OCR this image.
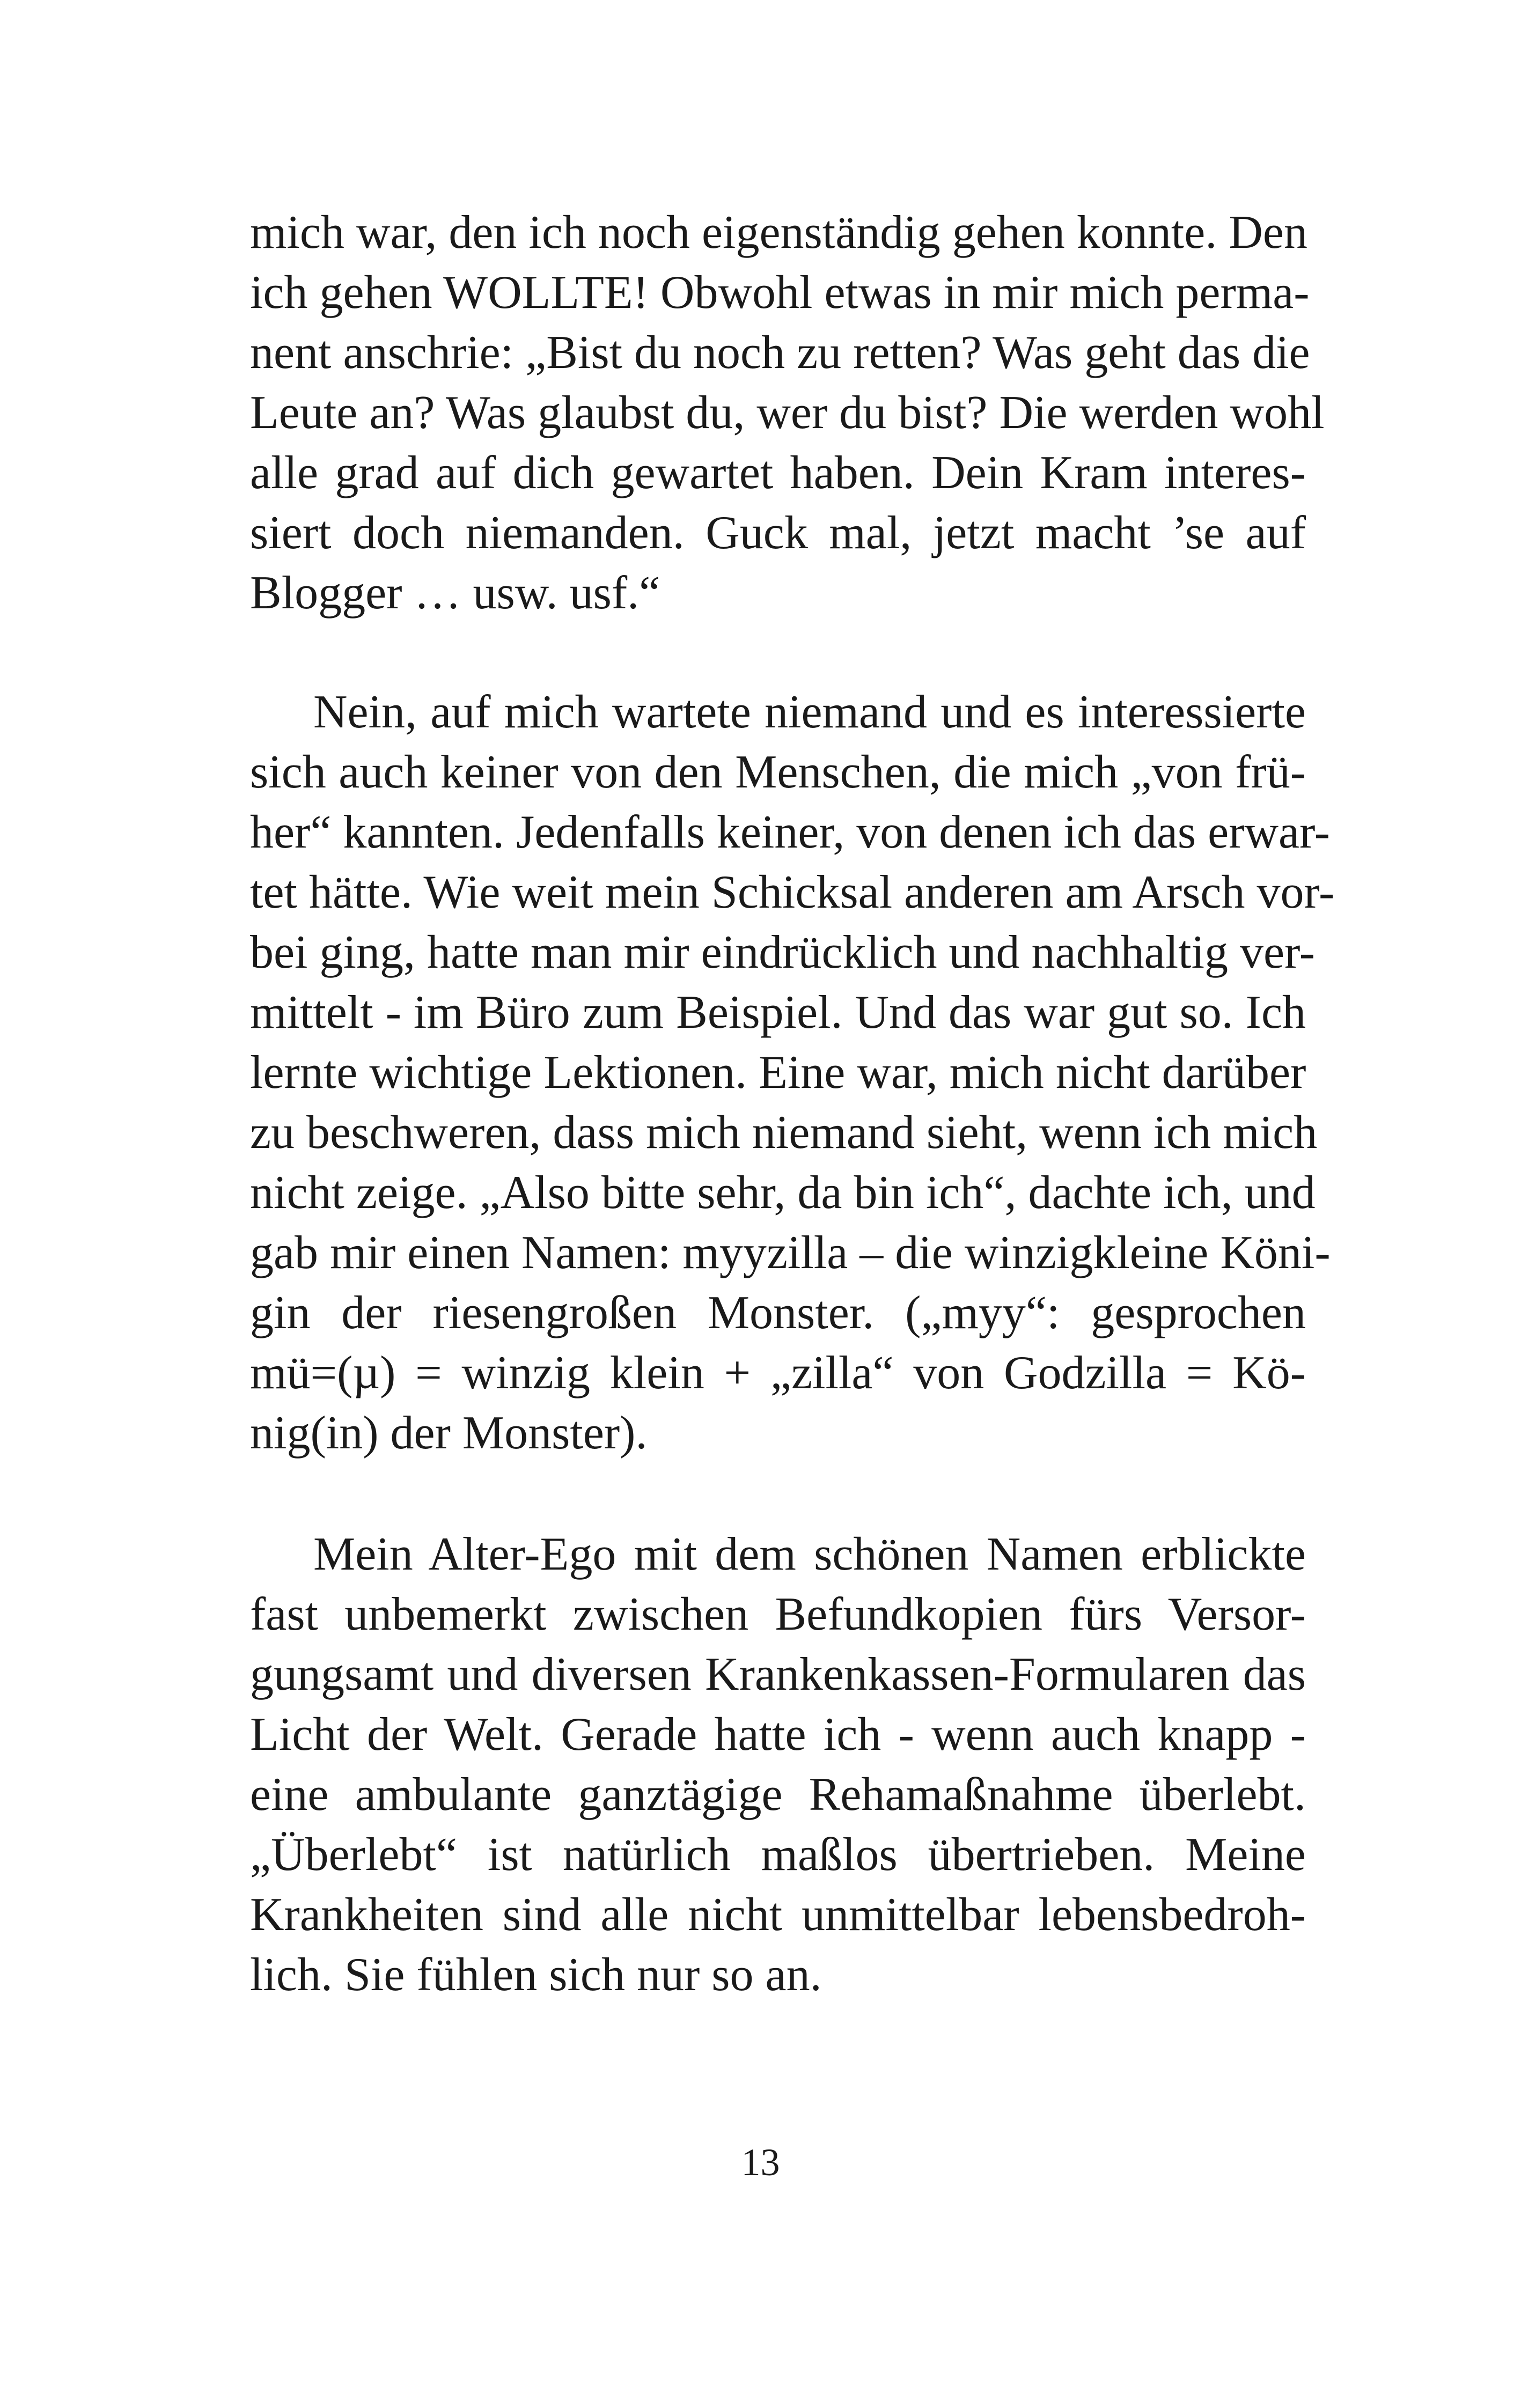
mich war, den ich noch eigenständig gehen konnte. Den
ich gehen WOLLTE! Obwohl etwas in mir mich perma-
nent anschrie: „Bist du noch zu retten? Was geht das die
Leute an? Was glaubst du, wer du bist? Die werden wohl
alle grad auf dich gewartet haben. Dein Kram interes-
siert doch niemanden. Guck mal, jetzt macht ’se auf
Blogger … usw. usf.“
Nein, auf mich wartete niemand und es interessierte
sich auch keiner von den Menschen, die mich „von frü-
her“ kannten. Jedenfalls keiner, von denen ich das erwar-
tet hätte. Wie weit mein Schicksal anderen am Arsch vor-
bei ging, hatte man mir eindrücklich und nachhaltig ver-
mittelt - im Büro zum Beispiel. Und das war gut so. Ich
lernte wichtige Lektionen. Eine war, mich nicht darüber
zu beschweren, dass mich niemand sieht, wenn ich mich
nicht zeige. „Also bitte sehr, da bin ich“, dachte ich, und
gab mir einen Namen: myyzilla – die winzigkleine Köni-
gin der riesengroßen Monster. („myy“: gesprochen
mü=(µ) = winzig klein + „zilla“ von Godzilla = Kö-
nig(in) der Monster).
Mein Alter-Ego mit dem schönen Namen erblickte
fast unbemerkt zwischen Befundkopien fürs Versor-
gungsamt und diversen Krankenkassen-Formularen das
Licht der Welt. Gerade hatte ich - wenn auch knapp -
eine ambulante ganztägige Rehamaßnahme überlebt.
„Überlebt“ ist natürlich maßlos übertrieben. Meine
Krankheiten sind alle nicht unmittelbar lebensbedroh-
lich. Sie fühlen sich nur so an.
13
